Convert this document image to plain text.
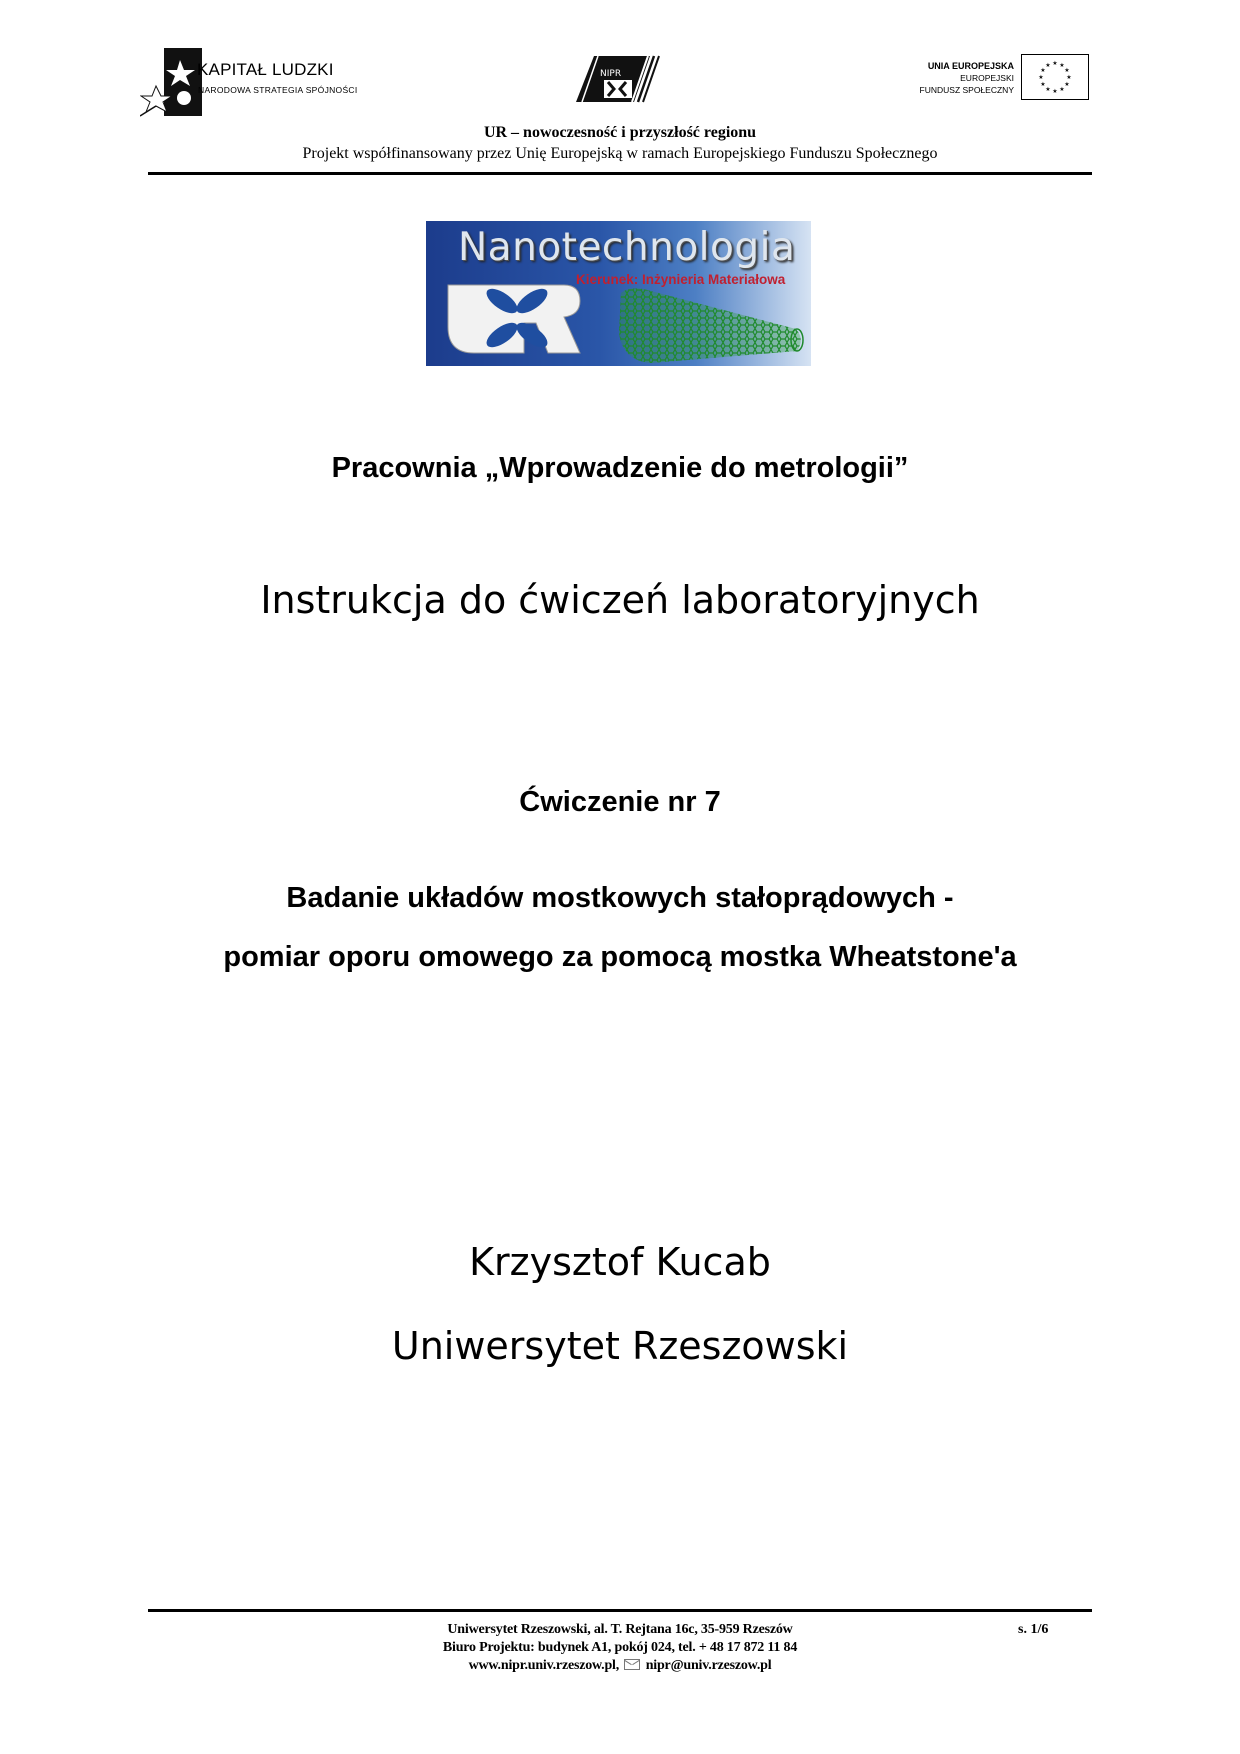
KAPITAŁ LUDZKI
NARODOWA STRATEGIA SPÓJNOŚCI
NIPR
UNIA EUROPEJSKA
EUROPEJSKI
FUNDUSZ SPOŁECZNY
★ ★
★
★
★
★
★
★
★
★
★
★
UR – nowoczesność i przyszłość regionu
Projekt współfinansowany przez Unię Europejską w ramach Europejskiego Funduszu Społecznego
Nanotechnologia
Kierunek: Inżynieria Materiałowa
Pracownia „Wprowadzenie do metrologii”
Instrukcja do ćwiczeń laboratoryjnych
Ćwiczenie nr 7
Badanie układów mostkowych stałoprądowych -
pomiar oporu omowego za pomocą mostka Wheatstone'a
Krzysztof Kucab
Uniwersytet Rzeszowski
Uniwersytet Rzeszowski, al. T. Rejtana 16c, 35-959 Rzeszów
Biuro Projektu: budynek A1, pokój 024, tel. + 48 17 872 11 84
www.nipr.univ.rzeszow.pl, nipr@univ.rzeszow.pl
s. 1/6
